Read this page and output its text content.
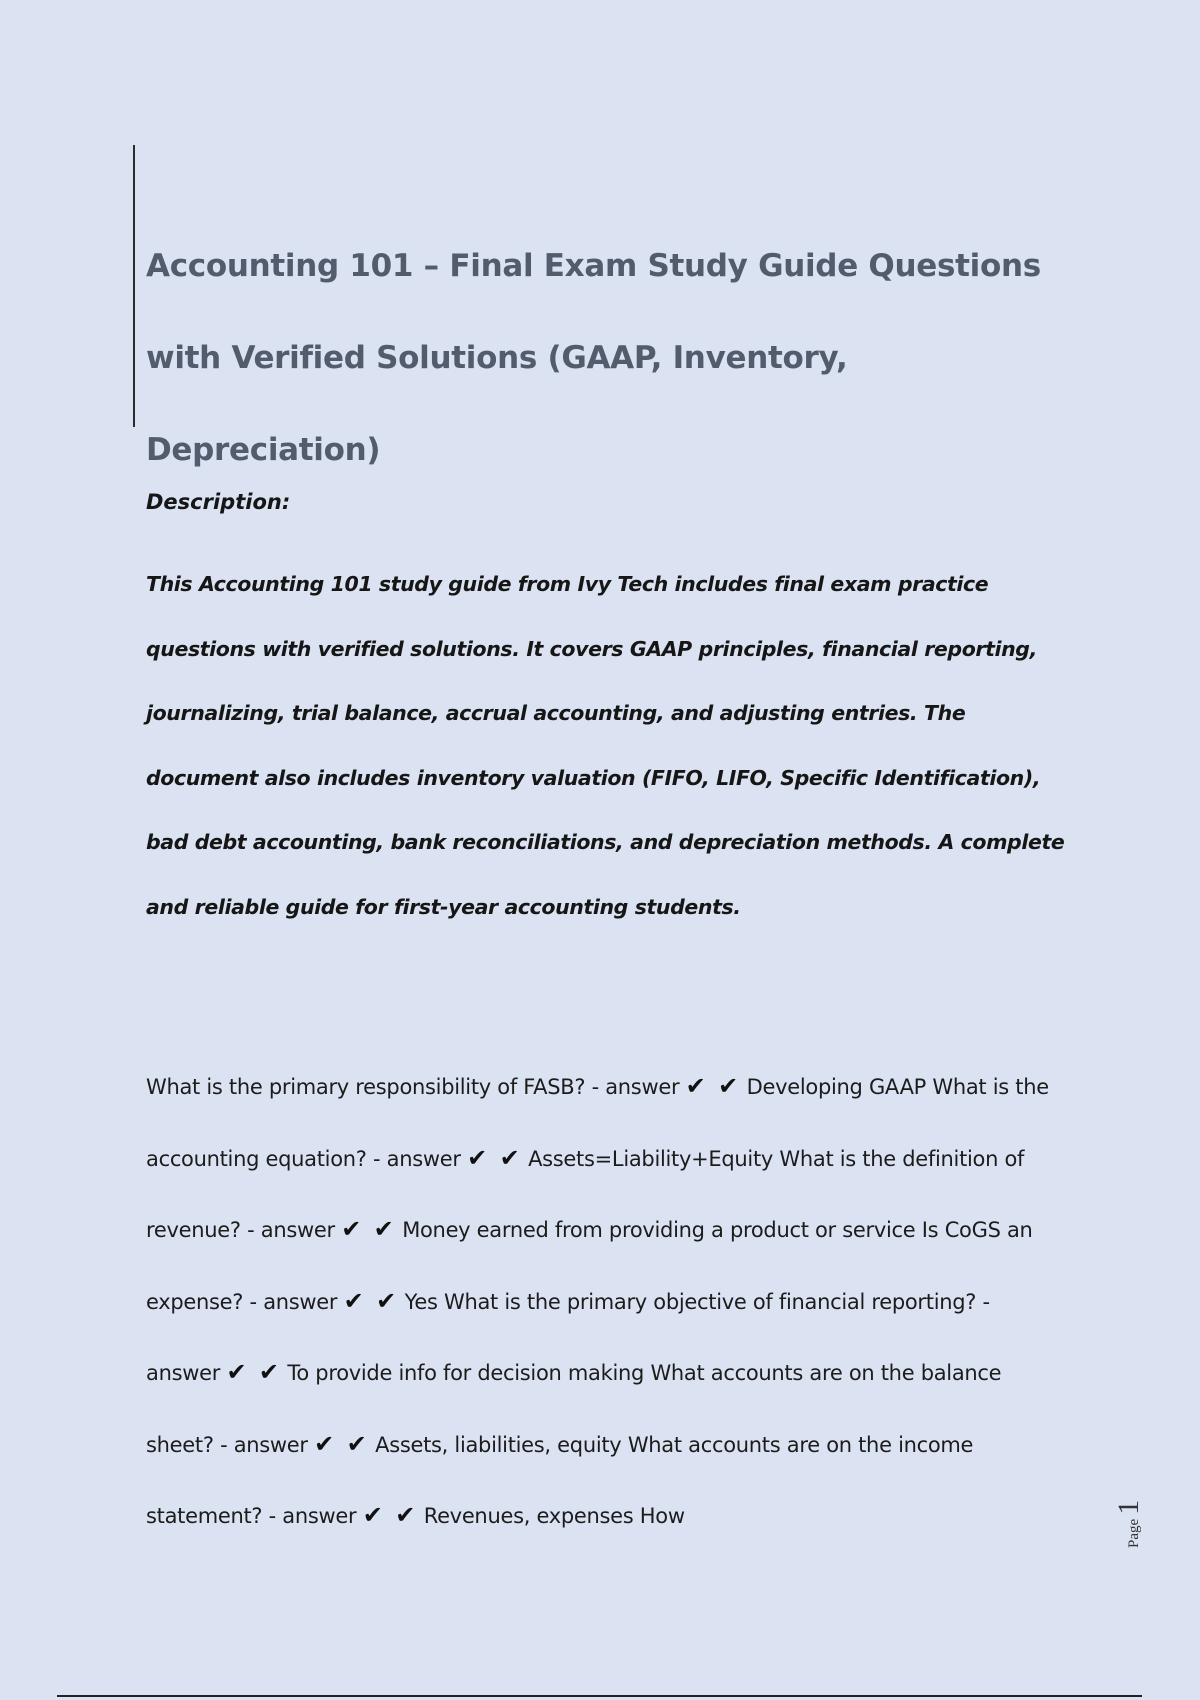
Accounting 101 – Final Exam Study Guide Questions with Verified Solutions (GAAP, Inventory, Depreciation)

Description:

This Accounting 101 study guide from Ivy Tech includes final exam practice questions with verified solutions. It covers GAAP principles, financial reporting, journalizing, trial balance, accrual accounting, and adjusting entries. The document also includes inventory valuation (FIFO, LIFO, Specific Identification), bad debt accounting, bank reconciliations, and depreciation methods. A complete and reliable guide for first-year accounting students.

What is the primary responsibility of FASB? - answer ✔ ✔ Developing GAAP What is the accounting equation? - answer ✔ ✔ Assets=Liability+Equity What is the definition of revenue? - answer ✔ ✔ Money earned from providing a product or service Is CoGS an expense? - answer ✔ ✔ Yes What is the primary objective of financial reporting? - answer ✔ ✔ To provide info for decision making What accounts are on the balance sheet? - answer ✔ ✔ Assets, liabilities, equity What accounts are on the income statement? - answer ✔ ✔ Revenues, expenses How

Page
1
